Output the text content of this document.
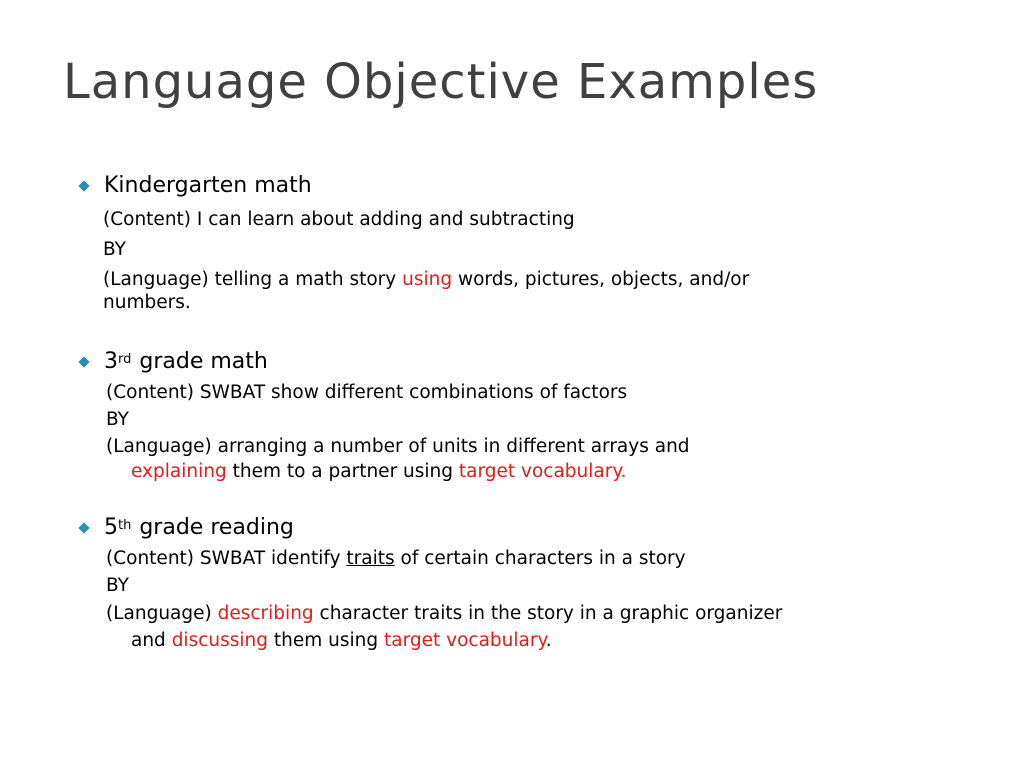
Language Objective Examples
Kindergarten math
(Content) I can learn about adding and subtracting
BY
(Language) telling a math story using words, pictures, objects, and/or
numbers.
3rd grade math
(Content) SWBAT show different combinations of factors
BY
(Language) arranging a number of units in different arrays and
explaining them to a partner using target vocabulary.
5th grade reading
(Content) SWBAT identify traits of certain characters in a story
BY
(Language) describing character traits in the story in a graphic organizer
and discussing them using target vocabulary.
